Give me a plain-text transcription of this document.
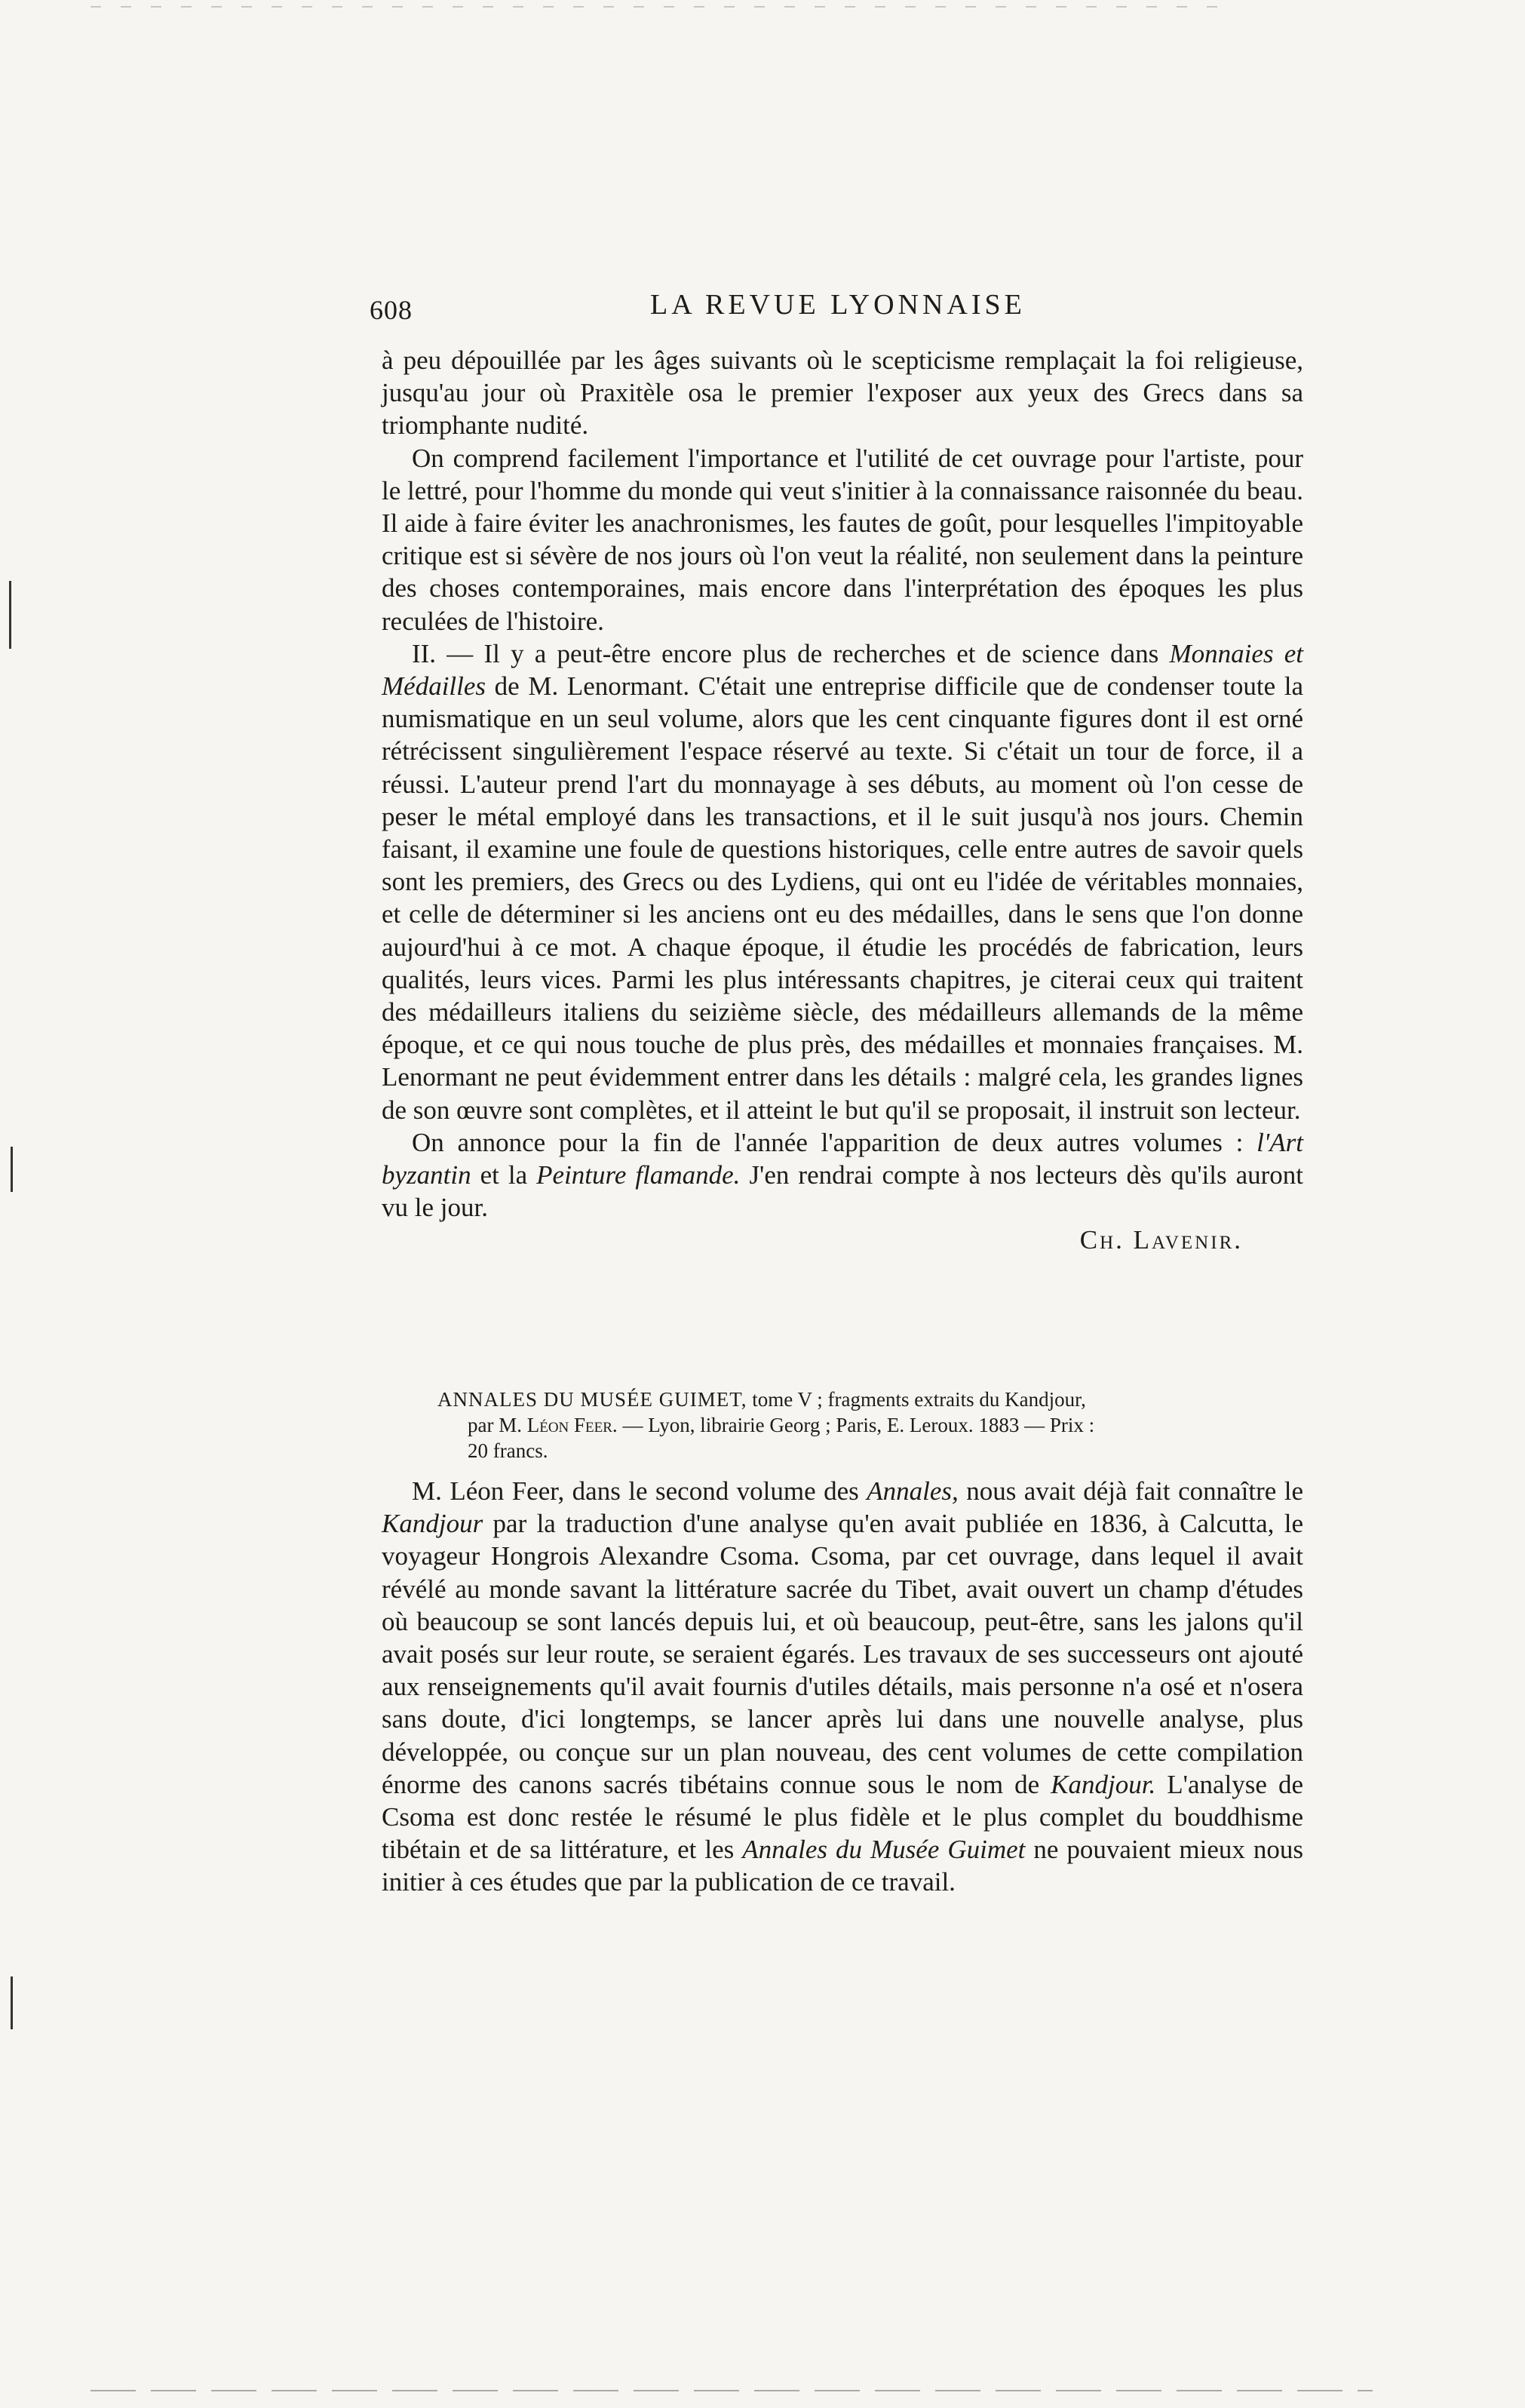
608	LA REVUE LYONNAISE

à peu dépouillée par les âges suivants où le scepticisme remplaçait la foi religieuse, jusqu'au jour où Praxitèle osa le premier l'exposer aux yeux des Grecs dans sa triomphante nudité.

On comprend facilement l'importance et l'utilité de cet ouvrage pour l'artiste, pour le lettré, pour l'homme du monde qui veut s'initier à la connaissance raisonnée du beau. Il aide à faire éviter les anachronismes, les fautes de goût, pour lesquelles l'impitoyable critique est si sévère de nos jours où l'on veut la réalité, non seulement dans la peinture des choses contemporaines, mais encore dans l'interprétation des époques les plus reculées de l'histoire.

II. — Il y a peut-être encore plus de recherches et de science dans Monnaies et Médailles de M. Lenormant. C'était une entreprise difficile que de condenser toute la numismatique en un seul volume, alors que les cent cinquante figures dont il est orné rétrécissent singulièrement l'espace réservé au texte. Si c'était un tour de force, il a réussi. L'auteur prend l'art du monnayage à ses débuts, au moment où l'on cesse de peser le métal employé dans les transactions, et il le suit jusqu'à nos jours. Chemin faisant, il examine une foule de questions historiques, celle entre autres de savoir quels sont les premiers, des Grecs ou des Lydiens, qui ont eu l'idée de véritables monnaies, et celle de déterminer si les anciens ont eu des médailles, dans le sens que l'on donne aujourd'hui à ce mot. A chaque époque, il étudie les procédés de fabrication, leurs qualités, leurs vices. Parmi les plus intéressants chapitres, je citerai ceux qui traitent des médailleurs italiens du seizième siècle, des médailleurs allemands de la même époque, et ce qui nous touche de plus près, des médailles et monnaies françaises. M. Lenormant ne peut évidemment entrer dans les détails : malgré cela, les grandes lignes de son œuvre sont complètes, et il atteint le but qu'il se proposait, il instruit son lecteur.

On annonce pour la fin de l'année l'apparition de deux autres volumes : l'Art byzantin et la Peinture flamande. J'en rendrai compte à nos lecteurs dès qu'ils auront vu le jour.

Ch. Lavenir.

ANNALES DU MUSÉE GUIMET, tome V ; fragments extraits du Kandjour,
par M. Léon Feer. — Lyon, librairie Georg ; Paris, E. Leroux. 1883 — Prix :
20 francs.

M. Léon Feer, dans le second volume des Annales, nous avait déjà fait connaître le Kandjour par la traduction d'une analyse qu'en avait publiée en 1836, à Calcutta, le voyageur Hongrois Alexandre Csoma. Csoma, par cet ouvrage, dans lequel il avait révélé au monde savant la littérature sacrée du Tibet, avait ouvert un champ d'études où beaucoup se sont lancés depuis lui, et où beaucoup, peut-être, sans les jalons qu'il avait posés sur leur route, se seraient égarés. Les travaux de ses successeurs ont ajouté aux renseignements qu'il avait fournis d'utiles détails, mais personne n'a osé et n'osera sans doute, d'ici longtemps, se lancer après lui dans une nouvelle analyse, plus développée, ou conçue sur un plan nouveau, des cent volumes de cette compilation énorme des canons sacrés tibétains connue sous le nom de Kandjour. L'analyse de Csoma est donc restée le résumé le plus fidèle et le plus complet du bouddhisme tibétain et de sa littérature, et les Annales du Musée Guimet ne pouvaient mieux nous initier à ces études que par la publication de ce travail.
